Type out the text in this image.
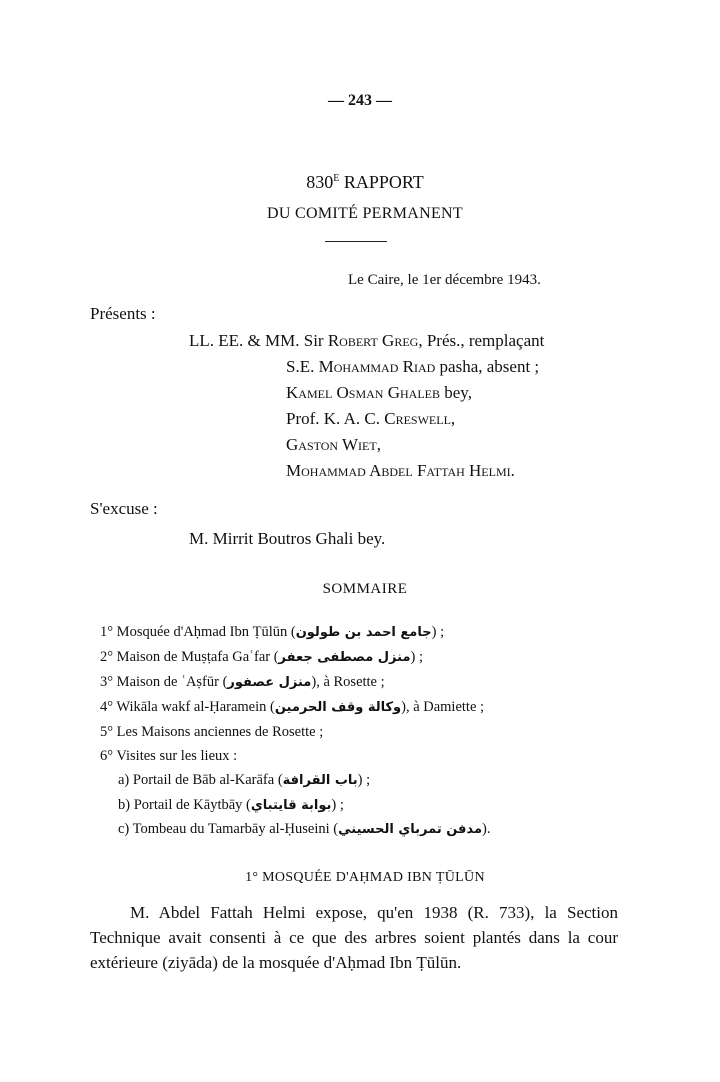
— 243 —
$830^E$ RAPPORT
DU COMITÉ PERMANENT
Le Caire, le 1er décembre 1943.
Présents :
LL. EE. & MM. Sir Robert Greg, Prés., remplaçant
S.E. Mohammad Riad pasha, absent ;
Kamel Osman Ghaleb bey,
Prof. K. A. C. Creswell,
Gaston Wiet,
Mohammad Abdel Fattah Helmi.
S'excuse :
M. Mirrit Boutros Ghali bey.
SOMMAIRE
1° Mosquée d'Aḥmad Ibn Ṭūlūn (جامع احمد بن طولون) ;
2° Maison de Muṣṭafa Gaʿfar (منزل مصطفى جعفر) ;
3° Maison de ʿAṣfūr (منزل عصفور), à Rosette ;
4° Wikāla wakf al-Ḥaramein (وكالة وقف الحرمين), à Damiette ;
5° Les Maisons anciennes de Rosette ;
6° Visites sur les lieux :
a) Portail de Bāb al-Karāfa (باب القرافة) ;
b) Portail de Kāytbāy (بوابة قايتباي) ;
c) Tombeau du Tamarbāy al-Ḥuseini (مدفن تمرباي الحسيني).
1° MOSQUÉE D'AḤMAD IBN ṬŪLŪN
M. Abdel Fattah Helmi expose, qu'en 1938 (R. 733), la Section Technique avait consenti à ce que des arbres soient plantés dans la cour extérieure (ziyāda) de la mosquée d'Aḥmad Ibn Ṭūlūn.
